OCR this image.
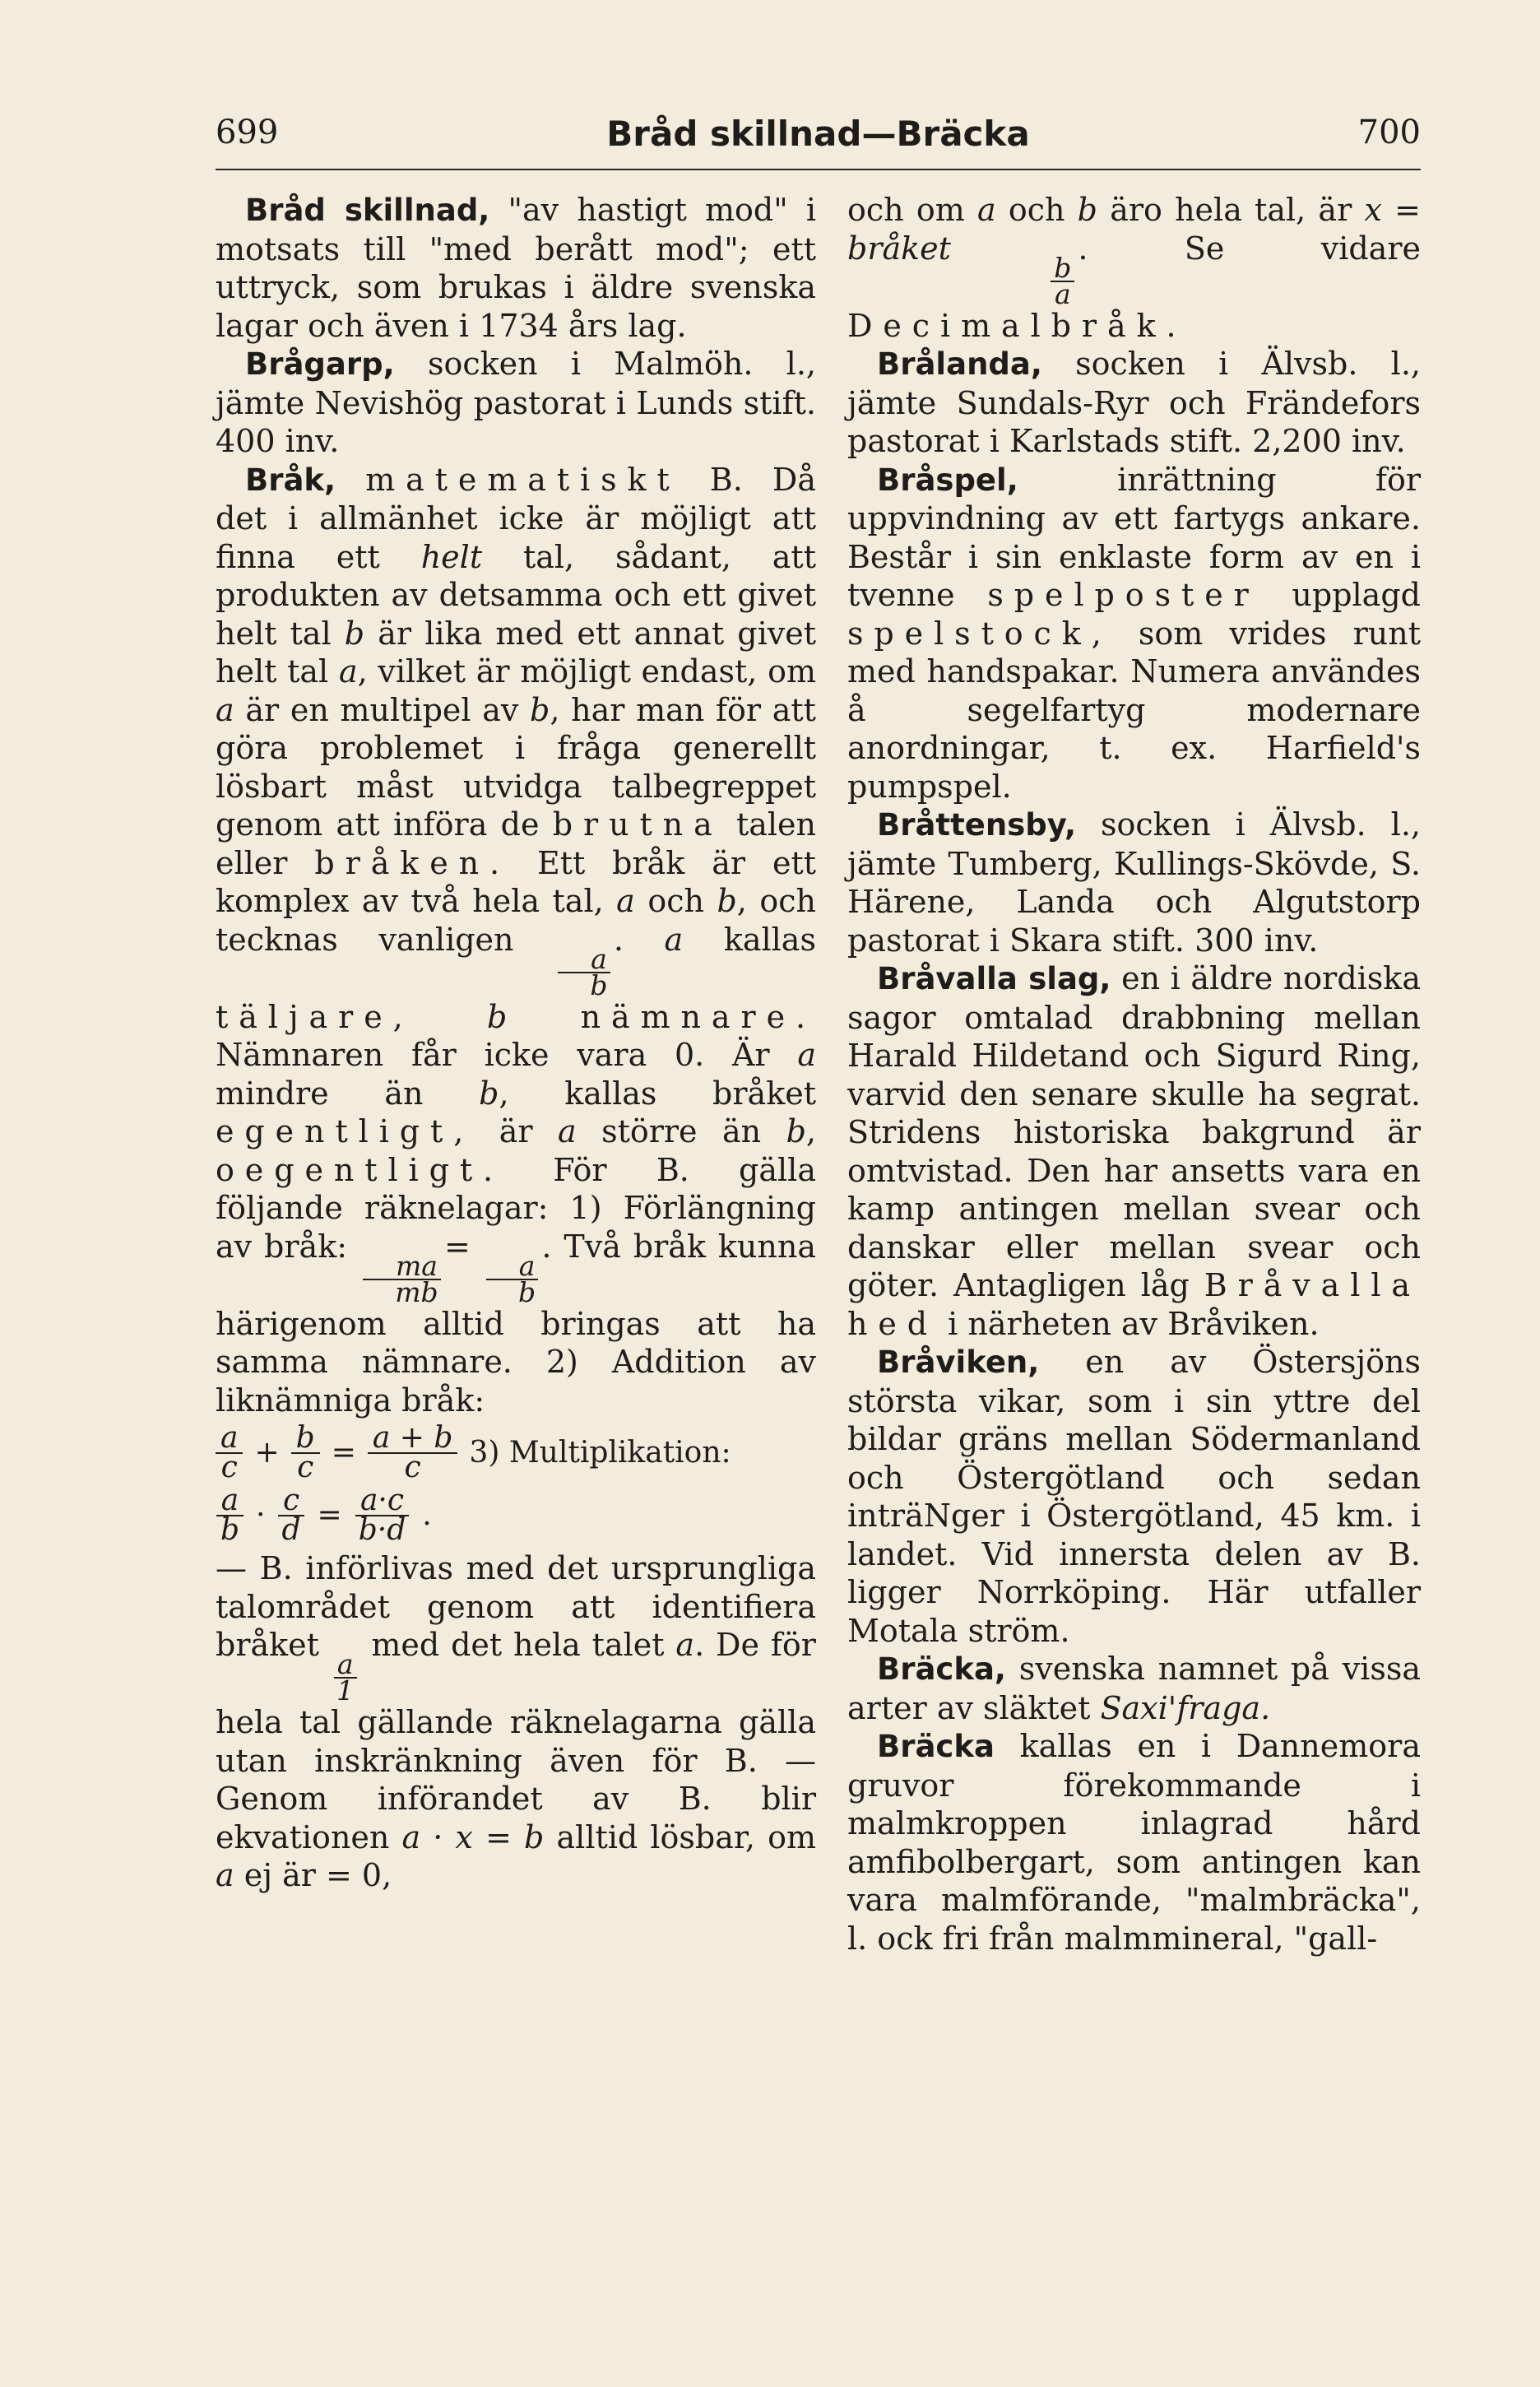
699	Bråd skillnad—Bräcka	700

Bråd skillnad, "av hastigt mod" i motsats till "med berått mod"; ett uttryck, som brukas i äldre svenska lagar och även i 1734 års lag.

Brågarp, socken i Malmöh. l., jämte Nevishög pastorat i Lunds stift. 400 inv.

Bråk, matematiskt B. Då det i allmänhet icke är möjligt att finna ett helt tal, sådant, att produkten av detsamma och ett givet helt tal b är lika med ett annat givet helt tal a, vilket är möjligt endast, om a är en multipel av b, har man för att göra problemet i fråga generellt lösbart måst utvidga talbegreppet genom att införa de brutna talen eller bråken. Ett bråk är ett komplex av två hela tal, a och b, och tecknas vanligen
$\frac{a}{b}$
. a kallas täljare, b nämnare. Nämnaren får icke vara 0. Är a mindre än b, kallas bråket egentligt, är a större än b, oegentligt. För B. gälla följande räknelagar: 1) Förlängning av bråk:
$\frac{ma}{mb}$
=
$\frac{a}{b}$
. Två bråk kunna härigenom alltid bringas att ha samma nämnare. 2) Addition av liknämniga bråk:

$\frac{a}{c} + \frac{b}{c} = \frac{a + b}{c} 3$) Multiplikation:
$\frac{a}{b} \cdot \frac{c}{d} = \frac{a\cdot c}{b\cdot d}$ .

— B. införlivas med det ursprungliga talområdet genom att identifiera bråket
$\frac{a}{1}$
med det hela talet a. De för hela tal gällande räknelagarna gälla utan inskränkning även för B. — Genom införandet av B. blir ekvationen a · x = b alltid lösbar, om a ej är = 0,

och om a och b äro hela tal, är x = bråket
$\frac{b}{a}$
. Se vidare Decimalbråk.

Brålanda, socken i Älvsb. l., jämte Sundals-Ryr och Frändefors pastorat i Karlstads stift. 2,200 inv.

Bråspel,	inrättning för uppvindning av ett fartygs ankare. Består i sin enklaste form av en i tvenne spelposter upplagd spelstock, som vrides runt med handspakar. Numera användes å segelfartyg modernare anordningar, t. ex. Harfield's pumpspel.

Bråttensby, socken i Älvsb. l., jämte Tumberg, Kullings-Skövde, S. Härene, Landa och Algutstorp pastorat i Skara stift. 300 inv.

Bråvalla slag, en i äldre nordiska sagor omtalad drabbning mellan Harald Hildetand och Sigurd Ring, varvid den senare skulle ha segrat. Stridens historiska bakgrund är omtvistad. Den har ansetts vara en kamp antingen mellan svear och danskar eller mellan svear och göter. Antagligen låg Bråvalla hed i närheten av Bråviken.

Bråviken, en av Östersjöns största vikar, som i sin yttre del bildar gräns mellan Södermanland och Östergötland och sedan inträNger i Östergötland, 45 km. i landet. Vid innersta delen av B. ligger Norrköping. Här utfaller Motala ström.

Bräcka, svenska namnet på vissa arter av släktet Saxi'fraga.

Bräcka kallas en i Dannemora gruvor förekommande i malmkroppen inlagrad hård amfibolbergart, som antingen kan vara malmförande, "malmbräcka", l. ock fri från malmmineral, "gall-
